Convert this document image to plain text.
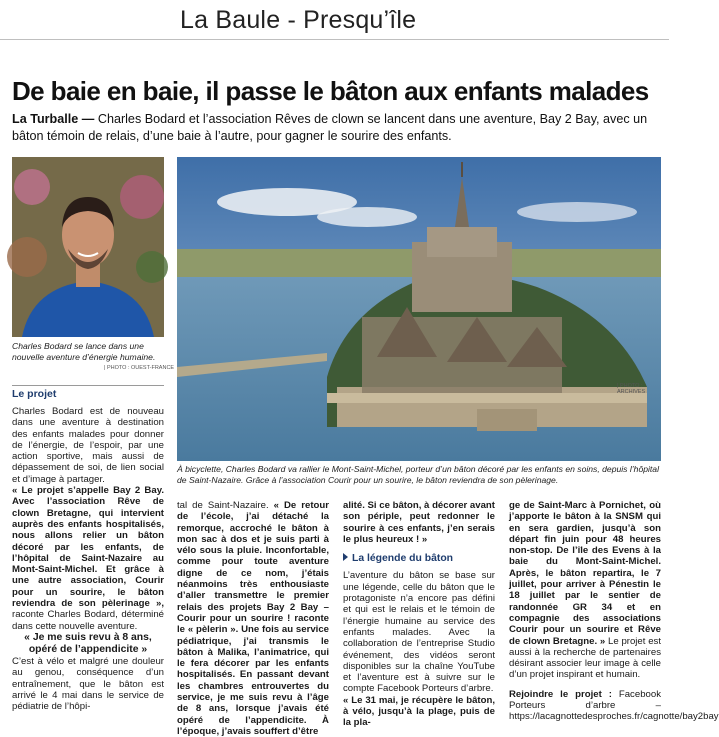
La Baule - Presqu’île
De baie en baie, il passe le bâton aux enfants malades
La Turballe — Charles Bodard et l’association Rêves de clown se lancent dans une aventure, Bay 2 Bay, avec un bâton témoin de relais, d’une baie à l’autre, pour gagner le sourire des enfants.
Charles Bodard se lance dans une nouvelle aventure d’énergie humaine.
| PHOTO : OUEST-FRANCE
| PHOTO : ARCHIVES
À bicyclette, Charles Bodard va rallier le Mont-Saint-Michel, porteur d’un bâton décoré par les enfants en soins, depuis l’hôpital de Saint-Nazaire. Grâce à l’association Courir pour un sourire, le bâton reviendra de son pèlerinage.
Le projet

Charles Bodard est de nouveau dans une aventure à destination des enfants malades pour donner de l’énergie, de l’espoir, par une action sportive, mais aussi de dépassement de soi, de lien social et d’image à partager.

« Le projet s’appelle Bay 2 Bay. Avec l’association Rêve de clown Bretagne, qui intervient auprès des enfants hospitalisés, nous allons relier un bâton décoré par les enfants, de l’hôpital de Saint-Nazaire au Mont-Saint-Michel. Et grâce à une autre association, Courir pour un sourire, le bâton reviendra de son pèlerinage », raconte Charles Bodard, déterminé dans cette nouvelle aventure.

« Je me suis revu à 8 ans, opéré de l’appendicite »

C’est à vélo et malgré une douleur au genou, conséquence d’un entraînement, que le bâton est arrivé le 4 mai dans le service de pédiatrie de l’hôpi-

tal de Saint-Nazaire. « De retour de l’école, j’ai détaché la remorque, accroché le bâton à mon sac à dos et je suis parti à vélo sous la pluie. Inconfortable, comme pour toute aventure digne de ce nom, j’étais néanmoins très enthousiaste d’aller transmettre le premier relais des projets Bay 2 Bay – Courir pour un sourire ! raconte le « pèlerin ». Une fois au service pédiatrique, j’ai transmis le bâton à Malika, l’animatrice, qui le fera décorer par les enfants hospitalisés. En passant devant les chambres entrouvertes du service, je me suis revu à l’âge de 8 ans, lorsque j’avais été opéré de l’appendicite. À l’époque, j’avais souffert d’être

alité. Si ce bâton, à décorer avant son périple, peut redonner le sourire à ces enfants, j’en serais le plus heureux ! »

La légende du bâton

L’aventure du bâton se base sur une légende, celle du bâton que le protagoniste n’a encore pas défini et qui est le relais et le témoin de l’énergie humaine au service des enfants malades. Avec la collaboration de l’entreprise Studio événement, des vidéos seront disponibles sur la chaîne YouTube et l’aventure est à suivre sur le compte Facebook Porteurs d’arbre.

« Le 31 mai, je récupère le bâton, à vélo, jusqu’à la plage, puis de la pla-

ge de Saint-Marc à Pornichet, où j’apporte le bâton à la SNSM qui en sera gardien, jusqu’à son départ fin juin pour 48 heures non-stop. De l’île des Evens à la baie du Mont-Saint-Michel. Après, le bâton repartira, le 7 juillet, pour arriver à Pénestin le 18 juillet par le sentier de randonnée GR 34 et en compagnie des associations Courir pour un sourire et Rêve de clown Bretagne. » Le projet est aussi à la recherche de partenaires désirant associer leur image à celle d’un projet inspirant et humain.

Rejoindre le projet : Facebook Porteurs d’arbre – https://lacagnottedesproches.fr/cagnotte/bay2bay
